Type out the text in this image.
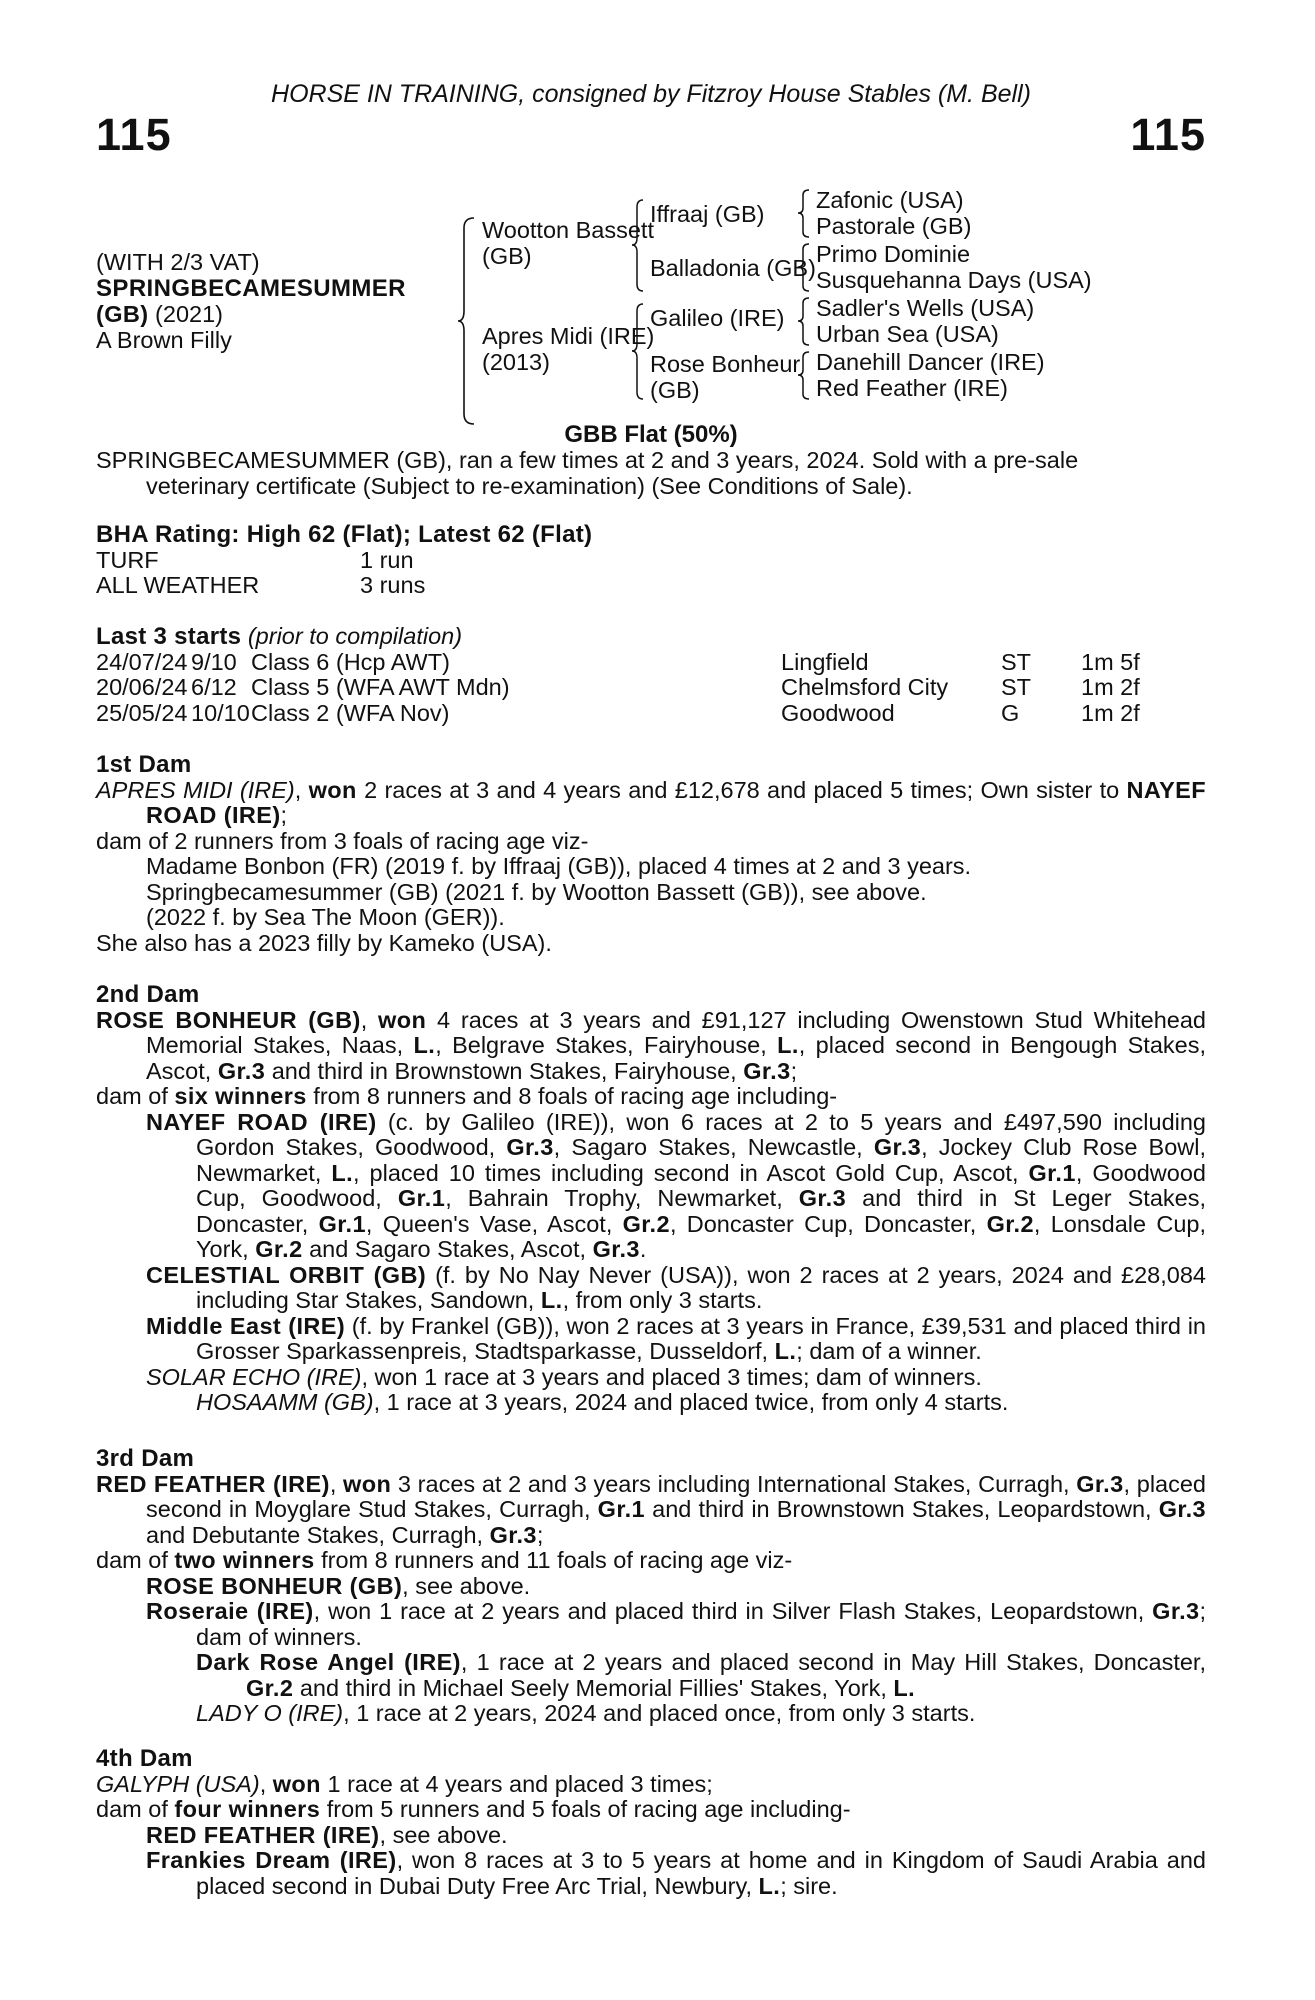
HORSE IN TRAINING, consigned by Fitzroy House Stables (M. Bell)
115	115
(WITH 2/3 VAT)
SPRINGBECAMESUMMER
(GB) (2021)
A Brown Filly
Wootton Bassett
(GB)
Apres Midi (IRE)
(2013)
Iffraaj (GB)
Balladonia (GB)
Galileo (IRE)
Rose Bonheur
(GB)
Zafonic (USA)
Pastorale (GB)
Primo Dominie
Susquehanna Days (USA)
Sadler's Wells (USA)
Urban Sea (USA)
Danehill Dancer (IRE)
Red Feather (IRE)
GBB Flat (50%)
SPRINGBECAMESUMMER (GB), ran a few times at 2 and 3 years, 2024. Sold with a pre-sale
veterinary certificate (Subject to re-examination) (See Conditions of Sale).
BHA Rating: High 62 (Flat); Latest 62 (Flat)
TURF	1 run
ALL WEATHER	3 runs
Last 3 starts (prior to compilation)
24/07/24 9/10 Class 6 (Hcp AWT)	Lingfield	ST	1m 5f
20/06/24 6/12 Class 5 (WFA AWT Mdn)	Chelmsford City	ST	1m 2f
25/05/24 10/10 Class 2 (WFA Nov)	Goodwood	G	1m 2f
1st Dam
APRES MIDI (IRE), won 2 races at 3 and 4 years and £12,678 and placed 5 times; Own sister to NAYEF ROAD (IRE);
dam of 2 runners from 3 foals of racing age viz-
Madame Bonbon (FR) (2019 f. by Iffraaj (GB)), placed 4 times at 2 and 3 years.
Springbecamesummer (GB) (2021 f. by Wootton Bassett (GB)), see above.
(2022 f. by Sea The Moon (GER)).
She also has a 2023 filly by Kameko (USA).
2nd Dam
ROSE BONHEUR (GB), won 4 races at 3 years and £91,127 including Owenstown Stud Whitehead Memorial Stakes, Naas, L., Belgrave Stakes, Fairyhouse, L., placed second in Bengough Stakes, Ascot, Gr.3 and third in Brownstown Stakes, Fairyhouse, Gr.3;
dam of six winners from 8 runners and 8 foals of racing age including-
NAYEF ROAD (IRE) (c. by Galileo (IRE)), won 6 races at 2 to 5 years and £497,590 including Gordon Stakes, Goodwood, Gr.3, Sagaro Stakes, Newcastle, Gr.3, Jockey Club Rose Bowl, Newmarket, L., placed 10 times including second in Ascot Gold Cup, Ascot, Gr.1, Goodwood Cup, Goodwood, Gr.1, Bahrain Trophy, Newmarket, Gr.3 and third in St Leger Stakes, Doncaster, Gr.1, Queen's Vase, Ascot, Gr.2, Doncaster Cup, Doncaster, Gr.2, Lonsdale Cup, York, Gr.2 and Sagaro Stakes, Ascot, Gr.3.
CELESTIAL ORBIT (GB) (f. by No Nay Never (USA)), won 2 races at 2 years, 2024 and £28,084 including Star Stakes, Sandown, L., from only 3 starts.
Middle East (IRE) (f. by Frankel (GB)), won 2 races at 3 years in France, £39,531 and placed third in Grosser Sparkassenpreis, Stadtsparkasse, Dusseldorf, L.; dam of a winner.
SOLAR ECHO (IRE), won 1 race at 3 years and placed 3 times; dam of winners.
HOSAAMM (GB), 1 race at 3 years, 2024 and placed twice, from only 4 starts.
3rd Dam
RED FEATHER (IRE), won 3 races at 2 and 3 years including International Stakes, Curragh, Gr.3, placed second in Moyglare Stud Stakes, Curragh, Gr.1 and third in Brownstown Stakes, Leopardstown, Gr.3 and Debutante Stakes, Curragh, Gr.3;
dam of two winners from 8 runners and 11 foals of racing age viz-
ROSE BONHEUR (GB), see above.
Roseraie (IRE), won 1 race at 2 years and placed third in Silver Flash Stakes, Leopardstown, Gr.3; dam of winners.
Dark Rose Angel (IRE), 1 race at 2 years and placed second in May Hill Stakes, Doncaster, Gr.2 and third in Michael Seely Memorial Fillies' Stakes, York, L.
LADY O (IRE), 1 race at 2 years, 2024 and placed once, from only 3 starts.
4th Dam
GALYPH (USA), won 1 race at 4 years and placed 3 times;
dam of four winners from 5 runners and 5 foals of racing age including-
RED FEATHER (IRE), see above.
Frankies Dream (IRE), won 8 races at 3 to 5 years at home and in Kingdom of Saudi Arabia and placed second in Dubai Duty Free Arc Trial, Newbury, L.; sire.
